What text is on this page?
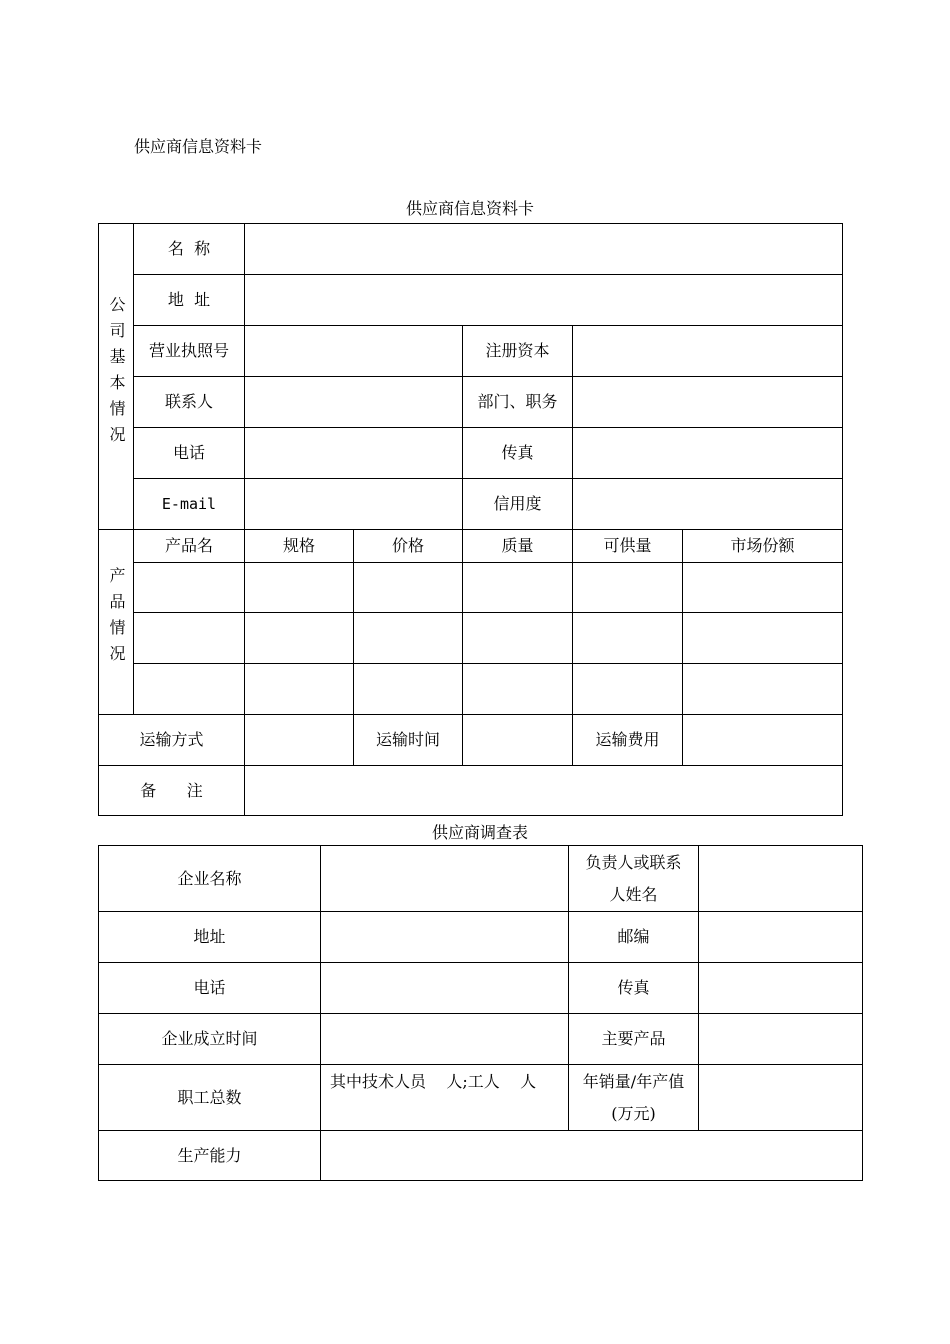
供应商信息资料卡
供应商信息资料卡
公司基本情况	名  称					
	地  址					
	营业执照号			注册资本		
	联系人			部门、职务		
	电话			传真		
	E-mail			信用度		
产品情况	产品名	规格	价格	质量	可供量	市场份额

运输方式			运输时间		运输费用	
备      注						
供应商调查表
企业名称		负责人或联系
人姓名	

地址		邮编	
电话		传真	
企业成立时间		主要产品	
职工总数	其中技术人员    人;工人    人	年销量/年产值
(万元)	

生产能力			
